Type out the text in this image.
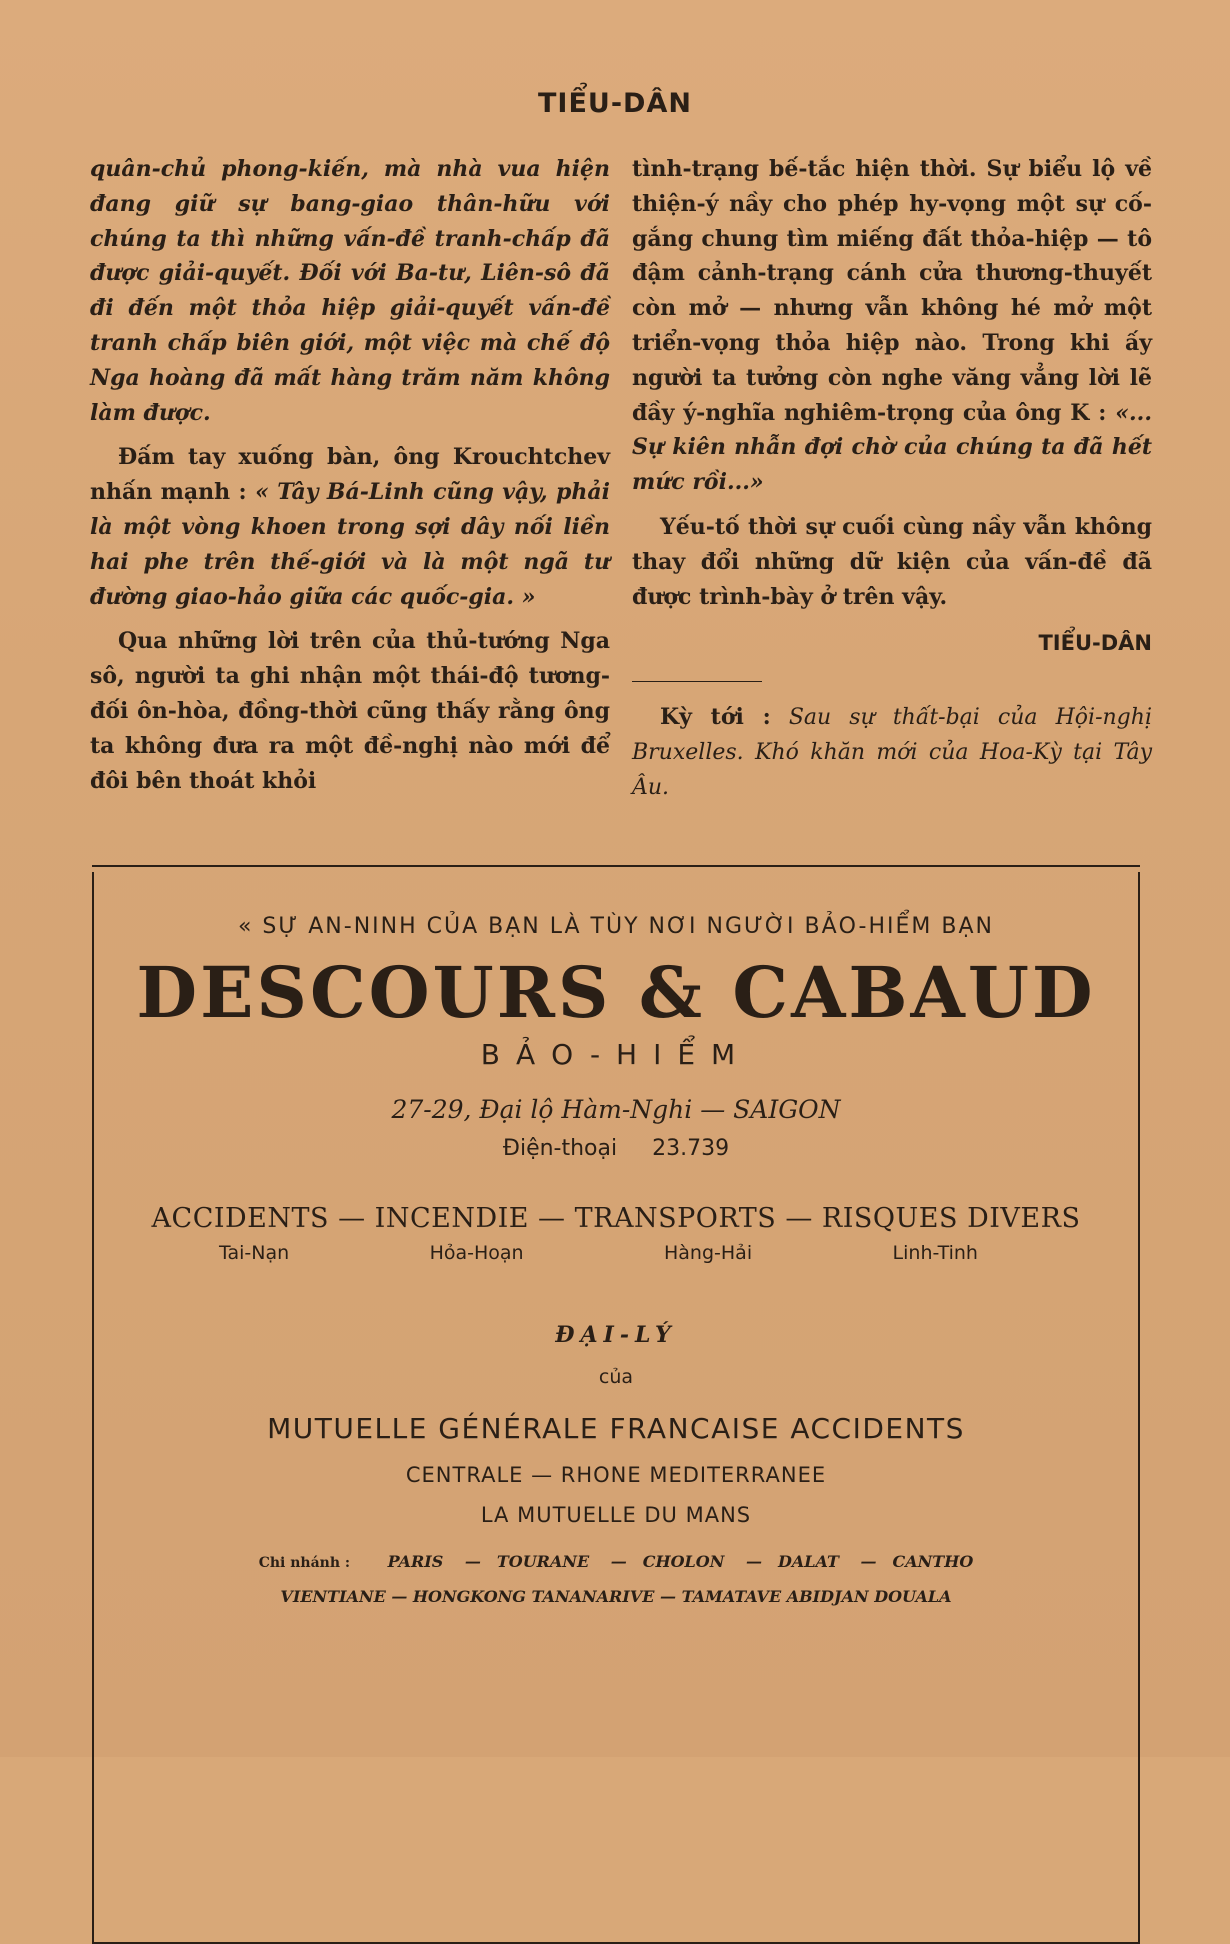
TIỂU-DÂN

quân-chủ phong-kiến, mà nhà vua hiện đang giữ sự bang-giao thân-hữu với chúng ta thì những vấn-đề tranh-chấp đã được giải-quyết. Đối với Ba-tư, Liên-sô đã đi đến một thỏa hiệp giải-quyết vấn-đề tranh chấp biên giới, một việc mà chế độ Nga hoàng đã mất hàng trăm năm không làm được.

Đấm tay xuống bàn, ông Krouchtchev nhấn mạnh : « Tây Bá-Linh cũng vậy, phải là một vòng khoen trong sợi dây nối liền hai phe trên thế-giới và là một ngã tư đường giao-hảo giữa các quốc-gia. »

Qua những lời trên của thủ-tướng Nga sô, người ta ghi nhận một thái-độ tương-đối ôn-hòa, đồng-thời cũng thấy rằng ông ta không đưa ra một đề-nghị nào mới để đôi bên thoát khỏi

tình-trạng bế-tắc hiện thời. Sự biểu lộ về thiện-ý nầy cho phép hy-vọng một sự cố-gắng chung tìm miếng đất thỏa-hiệp — tô đậm cảnh-trạng cánh cửa thương-thuyết còn mở — nhưng vẫn không hé mở một triển-vọng thỏa hiệp nào. Trong khi ấy người ta tưởng còn nghe văng vẳng lời lẽ đầy ý-nghĩa nghiêm-trọng của ông K : «... Sự kiên nhẫn đợi chờ của chúng ta đã hết mức rồi...»

Yếu-tố thời sự cuối cùng nầy vẫn không thay đổi những dữ kiện của vấn-đề đã được trình-bày ở trên vậy.

TIỂU-DÂN

Kỳ tới : Sau sự thất-bại của Hội-nghị Bruxelles. Khó khăn mới của Hoa-Kỳ tại Tây Âu.

« SỰ AN-NINH CỦA BẠN LÀ TÙY NƠI NGƯỜI BẢO-HIỂM BẠN
DESCOURS & CABAUD
BẢO-HIỂM
27-29, Đại lộ Hàm-Nghi — SAIGON
Điện-thoại 23.739
ACCIDENTS — INCENDIE — TRANSPORTS — RISQUES DIVERS
Tai-Nạn	Hỏa-Hoạn	Hàng-Hải	Linh-Tinh
ĐẠI-LÝ
của
MUTUELLE GÉNÉRALE FRANCAISE ACCIDENTS
CENTRALE — RHONE MEDITERRANEE
LA MUTUELLE DU MANS
Chi nhánh : PARIS — TOURANE — CHOLON — DALAT — CANTHO
VIENTIANE — HONGKONG TANANARIVE — TAMATAVE ABIDJAN DOUALA
